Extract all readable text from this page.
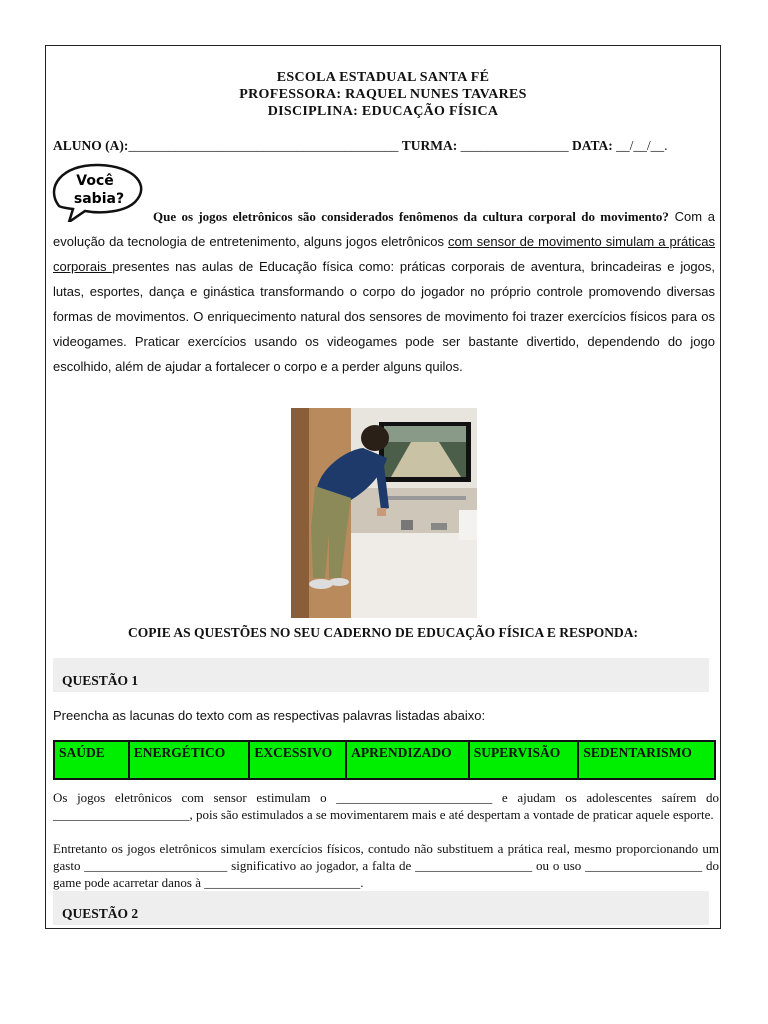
ESCOLA ESTADUAL SANTA FÉ
PROFESSORA: RAQUEL NUNES TAVARES
DISCIPLINA: EDUCAÇÃO FÍSICA
ALUNO (A):________________________________________ TURMA: ________________ DATA: __/__/__.
Você
sabia?
Que os jogos eletrônicos são considerados fenômenos da cultura corporal do movimento? Com a evolução da tecnologia de entretenimento, alguns jogos eletrônicos com sensor de movimento simulam a práticas corporais presentes nas aulas de Educação física como: práticas corporais de aventura, brincadeiras e jogos, lutas, esportes, dança e ginástica transformando o corpo do jogador no próprio controle promovendo diversas formas de movimentos. O enriquecimento natural dos sensores de movimento foi trazer exercícios físicos para os videogames. Praticar exercícios usando os videogames pode ser bastante divertido, dependendo do jogo escolhido, além de ajudar a fortalecer o corpo e a perder alguns quilos.
COPIE AS QUESTÕES NO SEU CADERNO DE EDUCAÇÃO FÍSICA E RESPONDA:
QUESTÃO 1
Preencha as lacunas do texto com as respectivas palavras listadas abaixo:
SAÚDE	ENERGÉTICO	EXCESSIVO	APRENDIZADO	SUPERVISÃO	SEDENTARISMO
Os jogos eletrônicos com sensor estimulam o ________________________ e ajudam os adolescentes saírem do _____________________, pois são estimulados a se movimentarem mais e até despertam a vontade de praticar aquele esporte.
Entretanto os jogos eletrônicos simulam exercícios físicos, contudo não substituem a prática real, mesmo proporcionando um gasto ______________________ significativo ao jogador, a falta de __________________ ou o uso __________________ do game pode acarretar danos à ________________________.
QUESTÃO 2
